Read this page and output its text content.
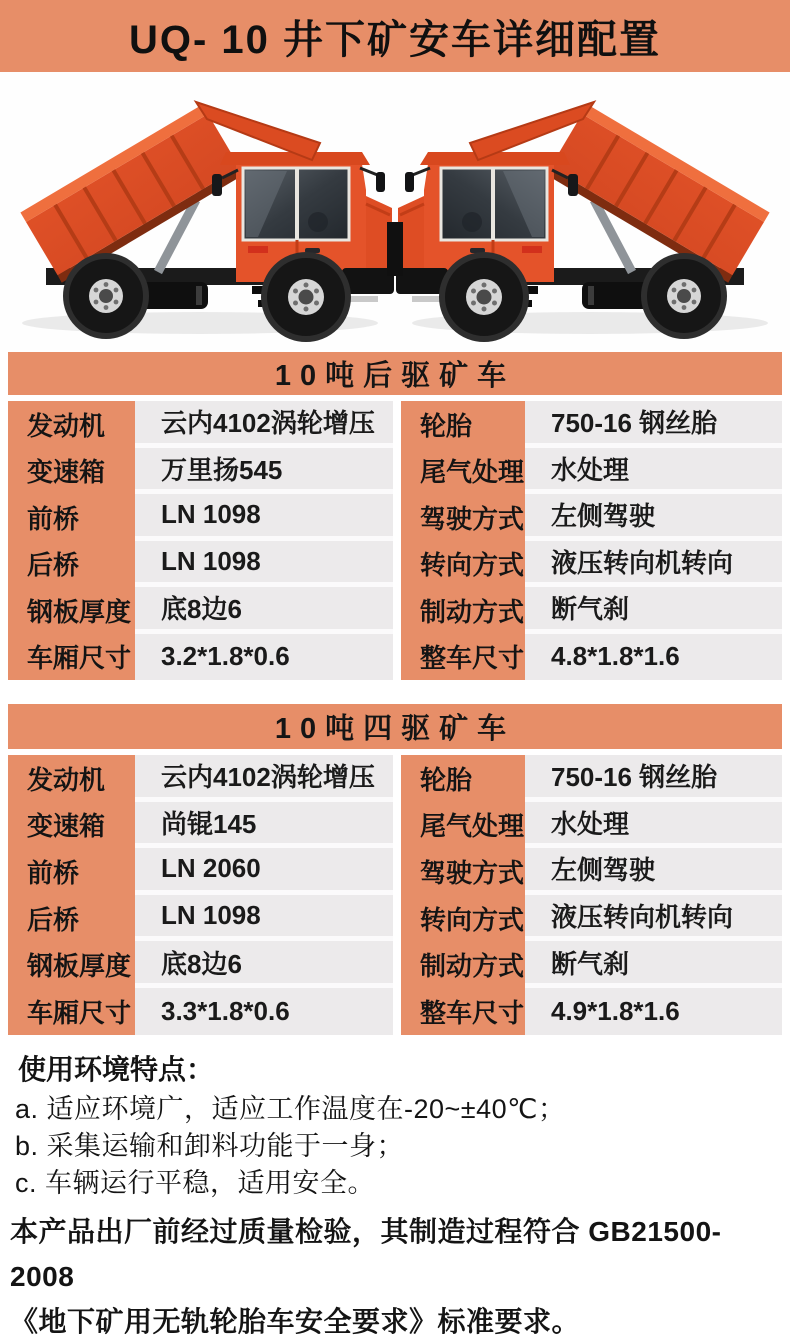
UQ- 10 井下矿安车详细配置
10吨后驱矿车
发动机	云内4102涡轮增压	轮胎	750-16 钢丝胎
变速箱	万里扬545	尾气处理	水处理
前桥	LN 1098	驾驶方式	左侧驾驶
后桥	LN 1098	转向方式	液压转向机转向
钢板厚度	底8边6	制动方式	断气刹
车厢尺寸	3.2*1.8*0.6	整车尺寸	4.8*1.8*1.6
10吨四驱矿车
发动机	云内4102涡轮增压	轮胎	750-16 钢丝胎
变速箱	尚锟145	尾气处理	水处理
前桥	LN 2060	驾驶方式	左侧驾驶
后桥	LN 1098	转向方式	液压转向机转向
钢板厚度	底8边6	制动方式	断气刹
车厢尺寸	3.3*1.8*0.6	整车尺寸	4.9*1.8*1.6
使用环境特点：
a. 适应环境广，适应工作温度在-20~±40℃；
b. 采集运输和卸料功能于一身；
c. 车辆运行平稳，适用安全。
本产品出厂前经过质量检验，其制造过程符合 GB21500-2008
《地下矿用无轨轮胎车安全要求》标准要求。
